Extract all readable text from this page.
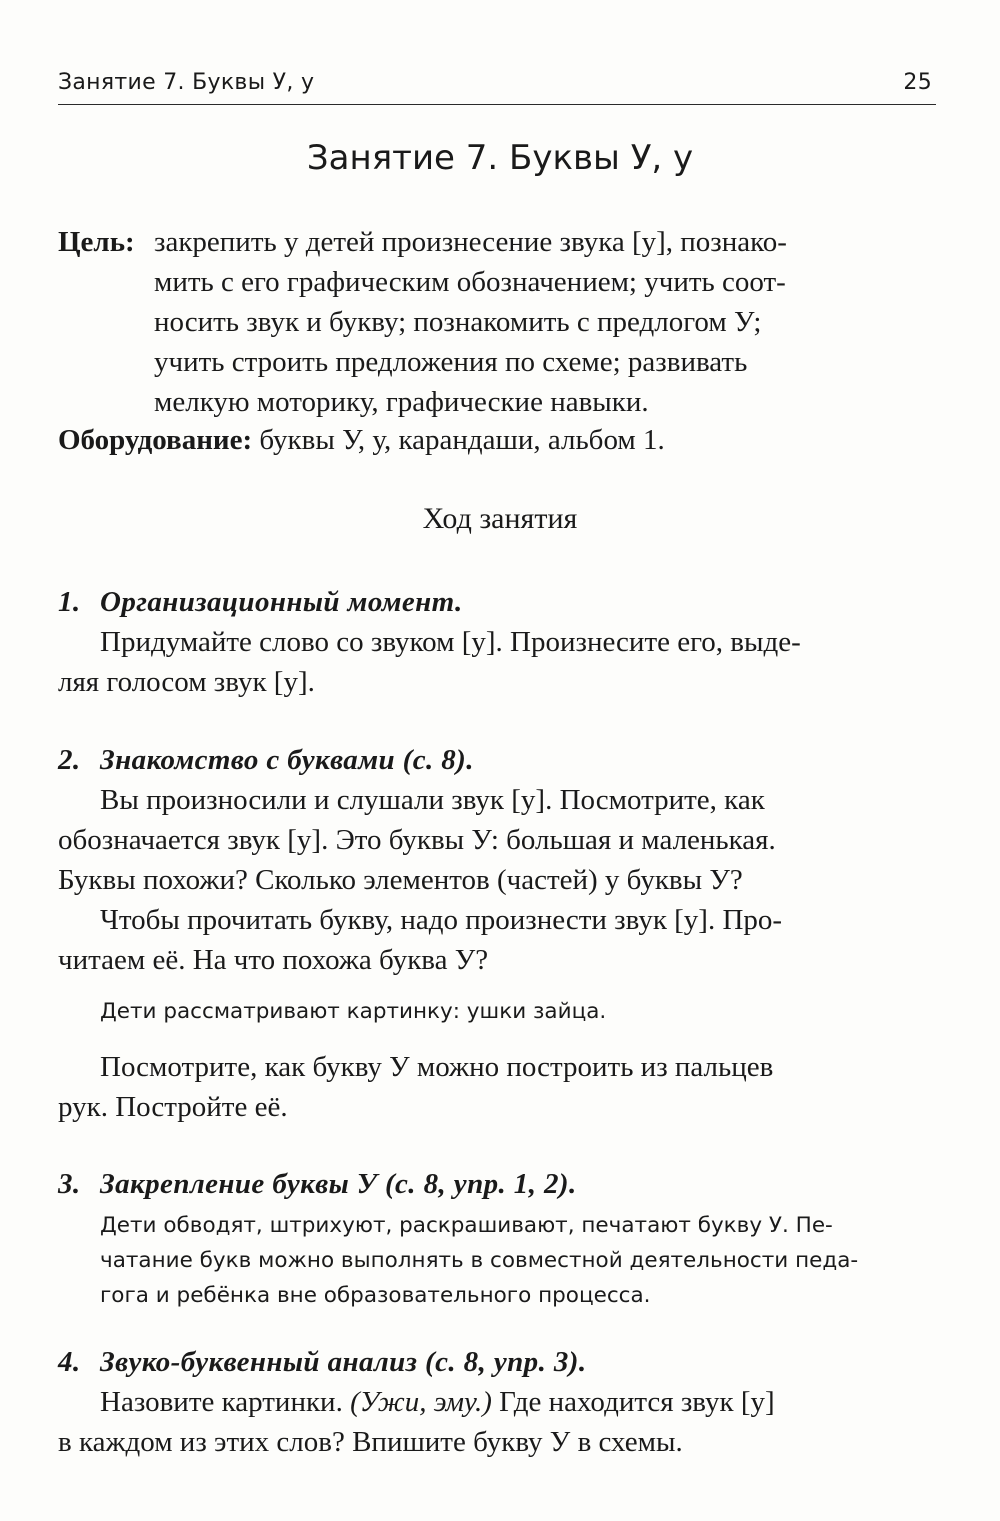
Занятие 7. Буквы У, у	25
Занятие 7. Буквы У, у
Цель: закрепить у детей произнесение звука [у], познако-
мить с его графическим обозначением; учить соот-
носить звук и букву; познакомить с предлогом У;
учить строить предложения по схеме; развивать
мелкую моторику, графические навыки.
Оборудование: буквы У, у, карандаши, альбом 1.
Ход занятия
1. Организационный момент.
Придумайте слово со звуком [у]. Произнесите его, выде-
ляя голосом звук [у].
2. Знакомство с буквами (с. 8).
Вы произносили и слушали звук [у]. Посмотрите, как
обозначается звук [у]. Это буквы У: большая и маленькая.
Буквы похожи? Сколько элементов (частей) у буквы У?
Чтобы прочитать букву, надо произнести звук [у]. Про-
читаем её. На что похожа буква У?
Дети рассматривают картинку: ушки зайца.
Посмотрите, как букву У можно построить из пальцев
рук. Постройте её.
3. Закрепление буквы У (с. 8, упр. 1, 2).
Дети обводят, штрихуют, раскрашивают, печатают букву У. Пе-
чатание букв можно выполнять в совместной деятельности педа-
гога и ребёнка вне образовательного процесса.
4. Звуко-буквенный анализ (с. 8, упр. 3).
Назовите картинки. (Ужи, эму.) Где находится звук [у]
в каждом из этих слов? Впишите букву У в схемы.
